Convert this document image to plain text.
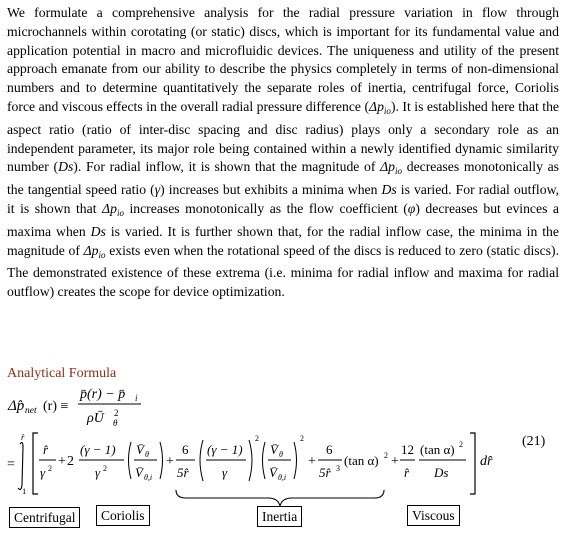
We formulate a comprehensive analysis for the radial pressure variation in flow through microchannels within corotating (or static) discs, which is important for its fundamental value and application potential in macro and microfluidic devices. The uniqueness and utility of the present approach emanate from our ability to describe the physics completely in terms of non-dimensional numbers and to determine quantitatively the separate roles of inertia, centrifugal force, Coriolis force and viscous effects in the overall radial pressure difference $(\Delta p_{io})$. It is established here that the aspect ratio (ratio of inter-disc spacing and disc radius) plays only a secondary role as an independent parameter, its major role being contained within a newly identified dynamic similarity number (Ds). For radial inflow, it is shown that the magnitude of $\Delta p_{io}$ decreases monotonically as the tangential speed ratio (γ) increases but exhibits a minima when Ds is varied. For radial outflow, it is shown that $\Delta p_{io}$ increases monotonically as the flow coefficient (φ) decreases but evinces a maxima when Ds is varied. It is further shown that, for the radial inflow case, the minima in the magnitude of $\Delta p_{io}$ exists even when the rotational speed of the discs is reduced to zero (static discs). The demonstrated existence of these extrema (i.e. minima for radial inflow and maxima for radial outflow) creates the scope for device optimization.

Analytical Formula
Δp̂ net (r) ≡
p̄(r) − p̄ i
ρŪ θ
2
(21)
=
r̂
1
r̂
γ 2 + 2
(γ − 1)
γ 2
V̄ θ
V̄ θ,i
+
6
5r̂
(γ − 1)
γ
2
V̄ θ
V̄ θ,i
2
+
6
5r̂ 3
(tan α) 2 +
12
r̂
(tan α) 2
Ds
dr̂
Centrifugal	Coriolis	Inertia	Viscous
